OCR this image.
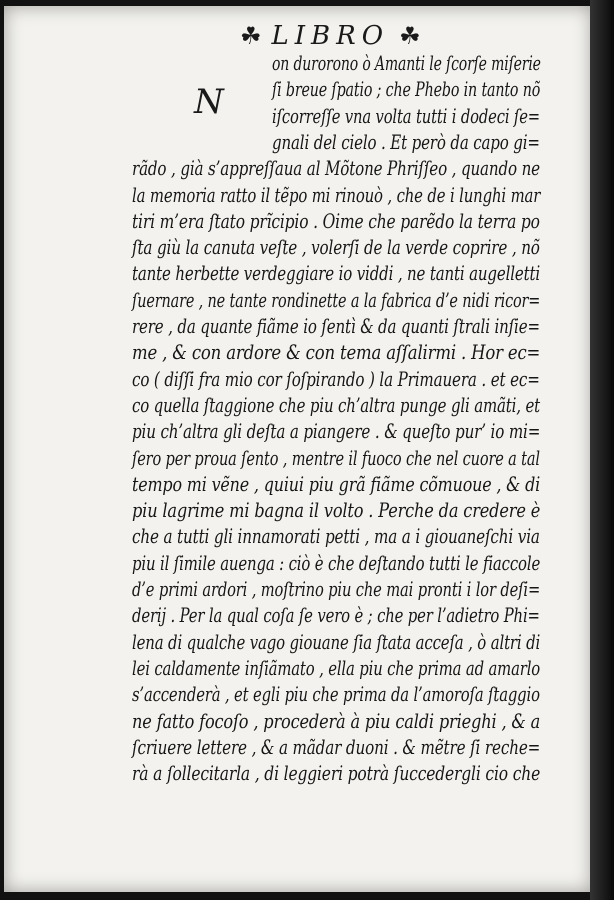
☘ LIBRO ☘
N

on durorono ò Amanti le ſcorſe miſerie

ſi breue ſpatio ; che Phebo in tanto nõ

iſcorreſſe vna volta tutti i dodeci ſe=

gnali del cielo . Et però da capo gi=

rãdo , già s’appreſſaua al Mõtone Phriſſeo , quando ne

la memoria ratto il tẽpo mi rinouò , che de i lunghi mar

tiri m’era ſtato prĩcipio . Oime che parẽdo la terra po

ſta giù la canuta veſte , volerſi de la verde coprire , nõ

tante herbette verdeggiare io viddi , ne tanti augelletti

ſuernare , ne tante rondinette a la fabrica d’e nidi ricor=

rere , da quante fiãme io ſentì & da quanti ſtrali inſie=

me , & con ardore & con tema aſſalirmi . Hor ec=

co ( diſſi fra mio cor ſoſpirando ) la Primauera . et ec=

co quella ſtaggione che piu ch’altra punge gli amãti, et

piu ch’altra gli deſta a piangere . & queſto pur’ io mi=

ſero per proua ſento , mentre il fuoco che nel cuore a tal

tempo mi vẽne , quiui piu grã fiãme cõmuoue , & di

piu lagrime mi bagna il volto . Perche da credere è

che a tutti gli innamorati petti , ma a i giouaneſchi via

piu il ſimile auenga : ciò è che deſtando tutti le fiaccole

d’e primi ardori , moſtrino piu che mai pronti i lor deſi=

derij . Per la qual coſa ſe vero è ; che per l’adietro Phi=

lena di qualche vago giouane ſia ſtata acceſa , ò altri di

lei caldamente inſiãmato , ella piu che prima ad amarlo

s’accenderà , et egli piu che prima da l’amoroſa ſtaggio

ne fatto focoſo , procederà à piu caldi prieghi , & a

ſcriuere lettere , & a mãdar duoni . & mẽtre ſi reche=

rà a ſollecitarla , di leggieri potrà ſuccedergli cio che
